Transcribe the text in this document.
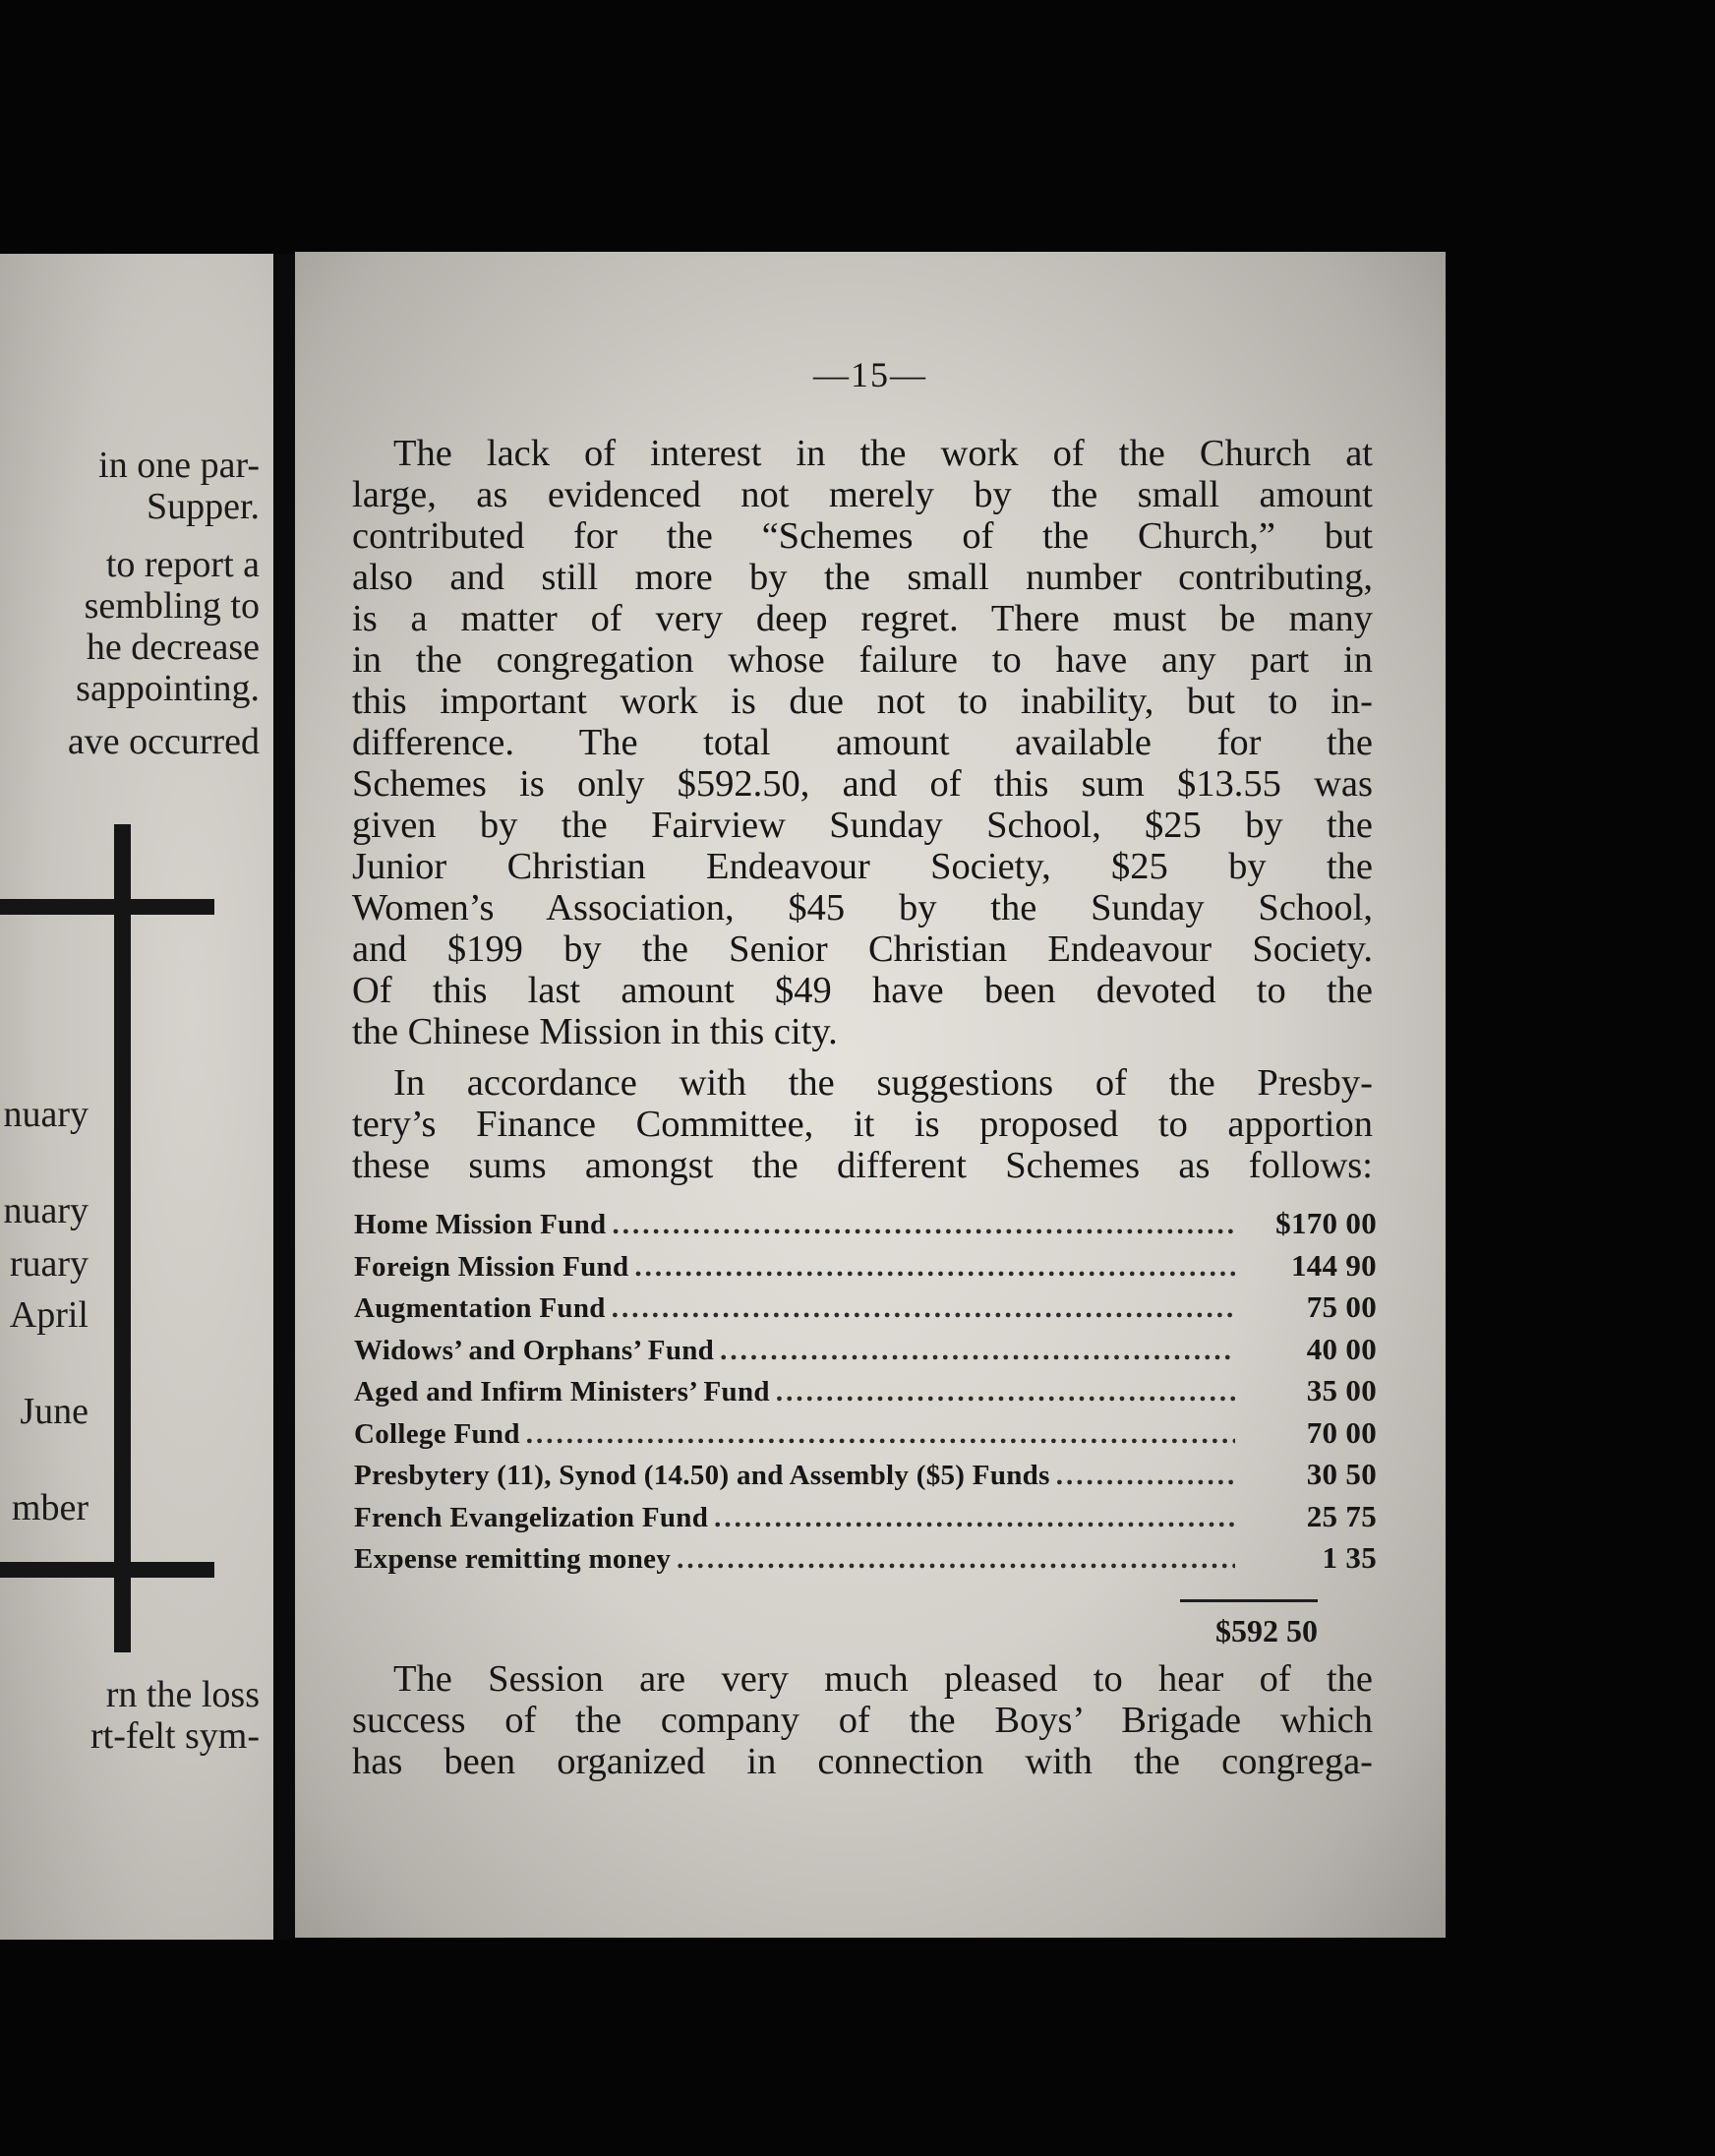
in one par-
Supper.
to report a
sembling to
he decrease
sappointing.
ave occurred
nuary
nuary
ruary
April
June
mber
rn the loss
rt-felt sym-
—15—
The lack of interest in the work of the Church at
large, as evidenced not merely by the small amount
contributed for the “Schemes of the Church,” but
also and still more by the small number contributing,
is a matter of very deep regret. There must be many
in the congregation whose failure to have any part in
this important work is due not to inability, but to in-
difference. The total amount available for the
Schemes is only $592.50, and of this sum $13.55 was
given by the Fairview Sunday School, $25 by the
Junior Christian Endeavour Society, $25 by the
Women’s Association, $45 by the Sunday School,
and $199 by the Senior Christian Endeavour Society.
Of this last amount $49 have been devoted to the
the Chinese Mission in this city.
In accordance with the suggestions of the Presby-
tery’s Finance Committee, it is proposed to apportion
these sums amongst the different Schemes as follows:
Home Mission Fund .....	$170 00
Foreign Mission Fund .....	144 90
Augmentation Fund .....	75 00
Widows’ and Orphans’ Fund .....	40 00
Aged and Infirm Ministers’ Fund .....	35 00
College Fund .....	70 00
Presbytery (11), Synod (14.50) and Assembly ($5) Funds .....	30 50
French Evangelization Fund .....	25 75
Expense remitting money .....	1 35
$592 50
The Session are very much pleased to hear of the
success of the company of the Boys’ Brigade which
has been organized in connection with the congrega-
